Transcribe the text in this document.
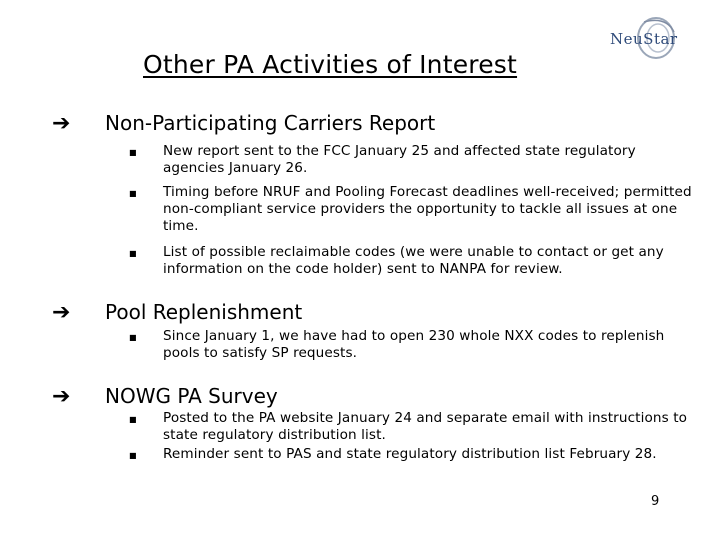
Other PA Activities of Interest
NeuStar
➔ Non-Participating Carriers Report
■ New report sent to the FCC January 25 and affected state regulatory agencies January 26.
■ Timing before NRUF and Pooling Forecast deadlines well-received; permitted non-compliant service providers the opportunity to tackle all issues at one time.
■ List of possible reclaimable codes (we were unable to contact or get any information on the code holder) sent to NANPA for review.
➔ Pool Replenishment
■ Since January 1, we have had to open 230 whole NXX codes to replenish pools to satisfy SP requests.
➔ NOWG PA Survey
■ Posted to the PA website January 24 and separate email with instructions to state regulatory distribution list.
■ Reminder sent to PAS and state regulatory distribution list February 28.
9
